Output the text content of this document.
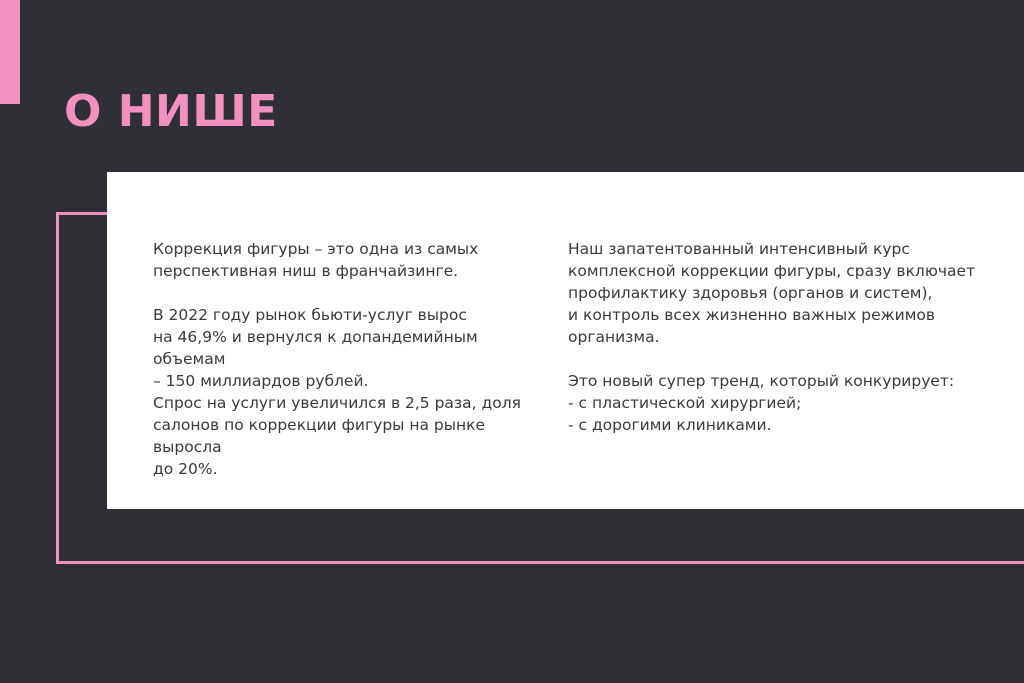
О НИШЕ

Коррекция фигуры – это одна из самых
перспективная ниш в франчайзинге.

В 2022 году рынок бьюти-услуг вырос
на 46,9% и вернулся к допандемийным объемам
– 150 миллиардов рублей.
Спрос на услуги увеличился в 2,5 раза, доля
салонов по коррекции фигуры на рынке выросла
до 20%.

Наш запатентованный интенсивный курс
комплексной коррекции фигуры, сразу включает
профилактику здоровья (органов и систем),
и контроль всех жизненно важных режимов
организма.

Это новый супер тренд, который конкурирует:
- с пластической хирургией;
- с дорогими клиниками.
